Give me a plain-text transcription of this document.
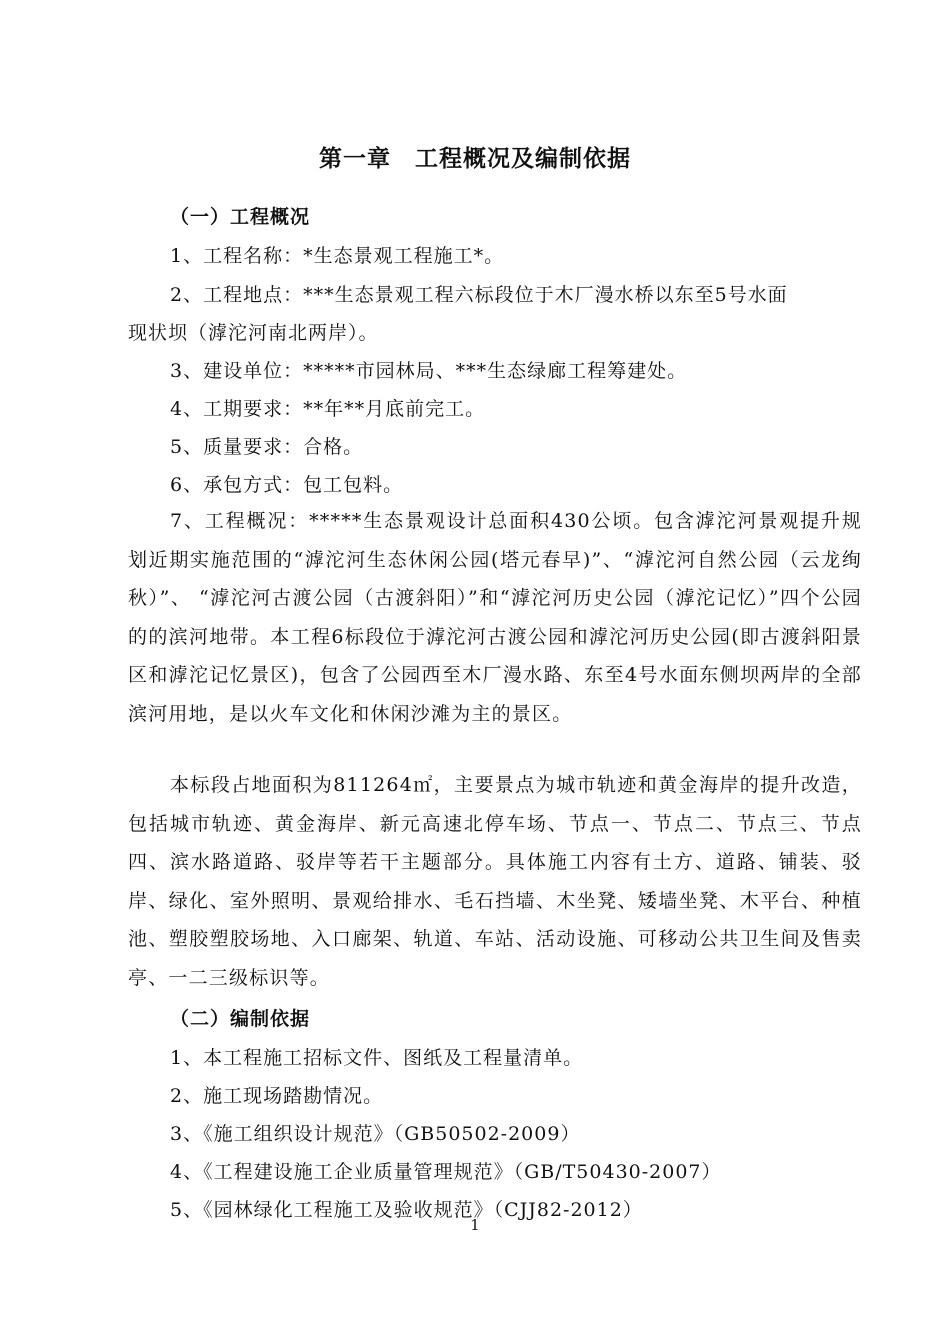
第一章　工程概况及编制依据
（一）工程概况
1、工程名称：*生态景观工程施工*。
2、工程地点：***生态景观工程六标段位于木厂漫水桥以东至5号水面
现状坝（滹沱河南北两岸）。
3、建设单位：*****市园林局、***生态绿廊工程筹建处。
4、工期要求：**年**月底前完工。
5、质量要求：合格。
6、承包方式：包工包料。
7、工程概况：*****生态景观设计总面积430公顷。包含滹沱河景观提升规划近期实施范围的“滹沱河生态休闲公园(塔元春早)”、“滹沱河自然公园（云龙绚秋）”、 “滹沱河古渡公园（古渡斜阳）”和“滹沱河历史公园（滹沱记忆）”四个公园的的滨河地带。本工程6标段位于滹沱河古渡公园和滹沱河历史公园(即古渡斜阳景区和滹沱记忆景区)，包含了公园西至木厂漫水路、东至4号水面东侧坝两岸的全部滨河用地，是以火车文化和休闲沙滩为主的景区。
本标段占地面积为811264㎡，主要景点为城市轨迹和黄金海岸的提升改造，包括城市轨迹、黄金海岸、新元高速北停车场、节点一、节点二、节点三、节点四、滨水路道路、驳岸等若干主题部分。具体施工内容有土方、道路、铺装、驳岸、绿化、室外照明、景观给排水、毛石挡墙、木坐凳、矮墙坐凳、木平台、种植池、塑胶塑胶场地、入口廊架、轨道、车站、活动设施、可移动公共卫生间及售卖亭、一二三级标识等。
（二）编制依据
1、本工程施工招标文件、图纸及工程量清单。
2、施工现场踏勘情况。
3、《施工组织设计规范》（GB50502-2009）
4、《工程建设施工企业质量管理规范》（GB/T50430-2007）
5、《园林绿化工程施工及验收规范》（CJJ82-2012）
1
